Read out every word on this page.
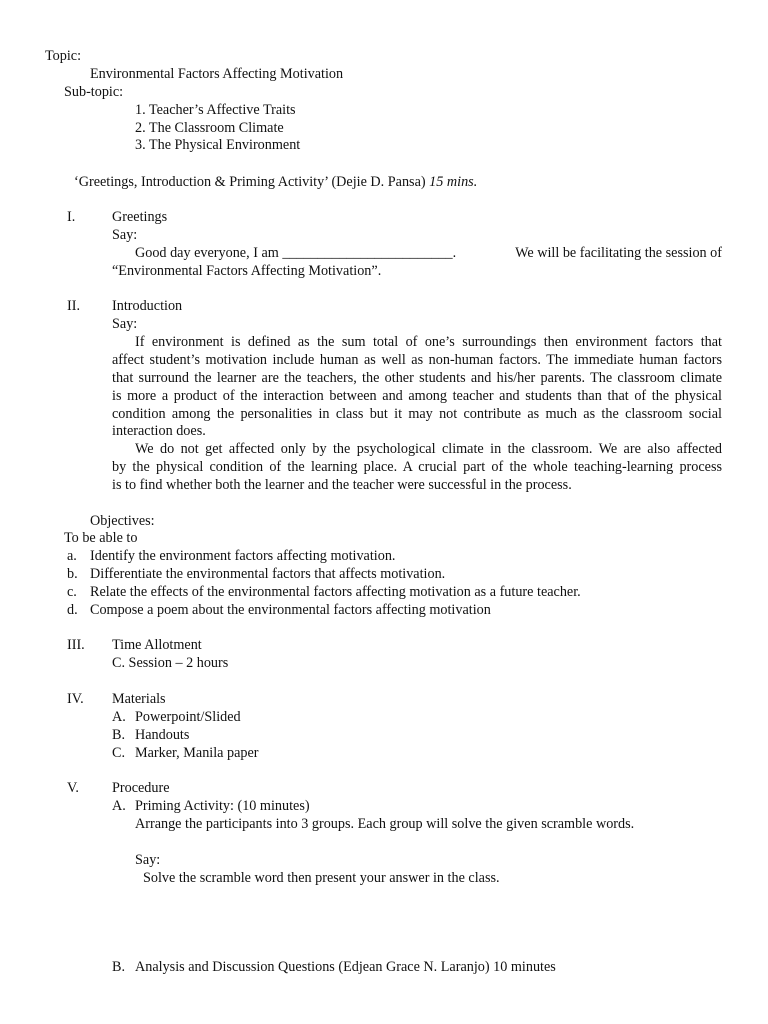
Topic:
Environmental Factors Affecting Motivation
Sub-topic:
1. Teacher’s Affective Traits
2. The Classroom Climate
3. The Physical Environment
‘Greetings, Introduction & Priming Activity’ (Dejie D. Pansa) 15 mins.
I.	Greetings
Say:
Good day everyone, I am ________________________.	We will be facilitating the session of
“Environmental Factors Affecting Motivation”.
II. Introduction
Say:
If environment is defined as the sum total of one’s surroundings then environment factors that
affect student’s motivation include human as well as non-human factors. The immediate human factors
that surround the learner are the teachers, the other students and his/her parents. The classroom climate
is more a product of the interaction between and among teacher and students than that of the physical
condition among the personalities in class but it may not contribute as much as the classroom social
interaction does.
We do not get affected only by the psychological climate in the classroom. We are also affected
by the physical condition of the learning place. A crucial part of the whole teaching-learning process
is to find whether both the learner and the teacher were successful in the process.
Objectives:
To be able to
a. Identify the environment factors affecting motivation.
b. Differentiate the environmental factors that affects motivation.
c. Relate the effects of the environmental factors affecting motivation as a future teacher.
d. Compose a poem about the environmental factors affecting motivation
III. Time Allotment
C. Session – 2 hours
IV. Materials
A. Powerpoint/Slided
B. Handouts
C. Marker, Manila paper
V. Procedure
A. Priming Activity: (10 minutes)
Arrange the participants into 3 groups. Each group will solve the given scramble words.
Say:
Solve the scramble word then present your answer in the class.
B. Analysis and Discussion Questions (Edjean Grace N. Laranjo) 10 minutes
